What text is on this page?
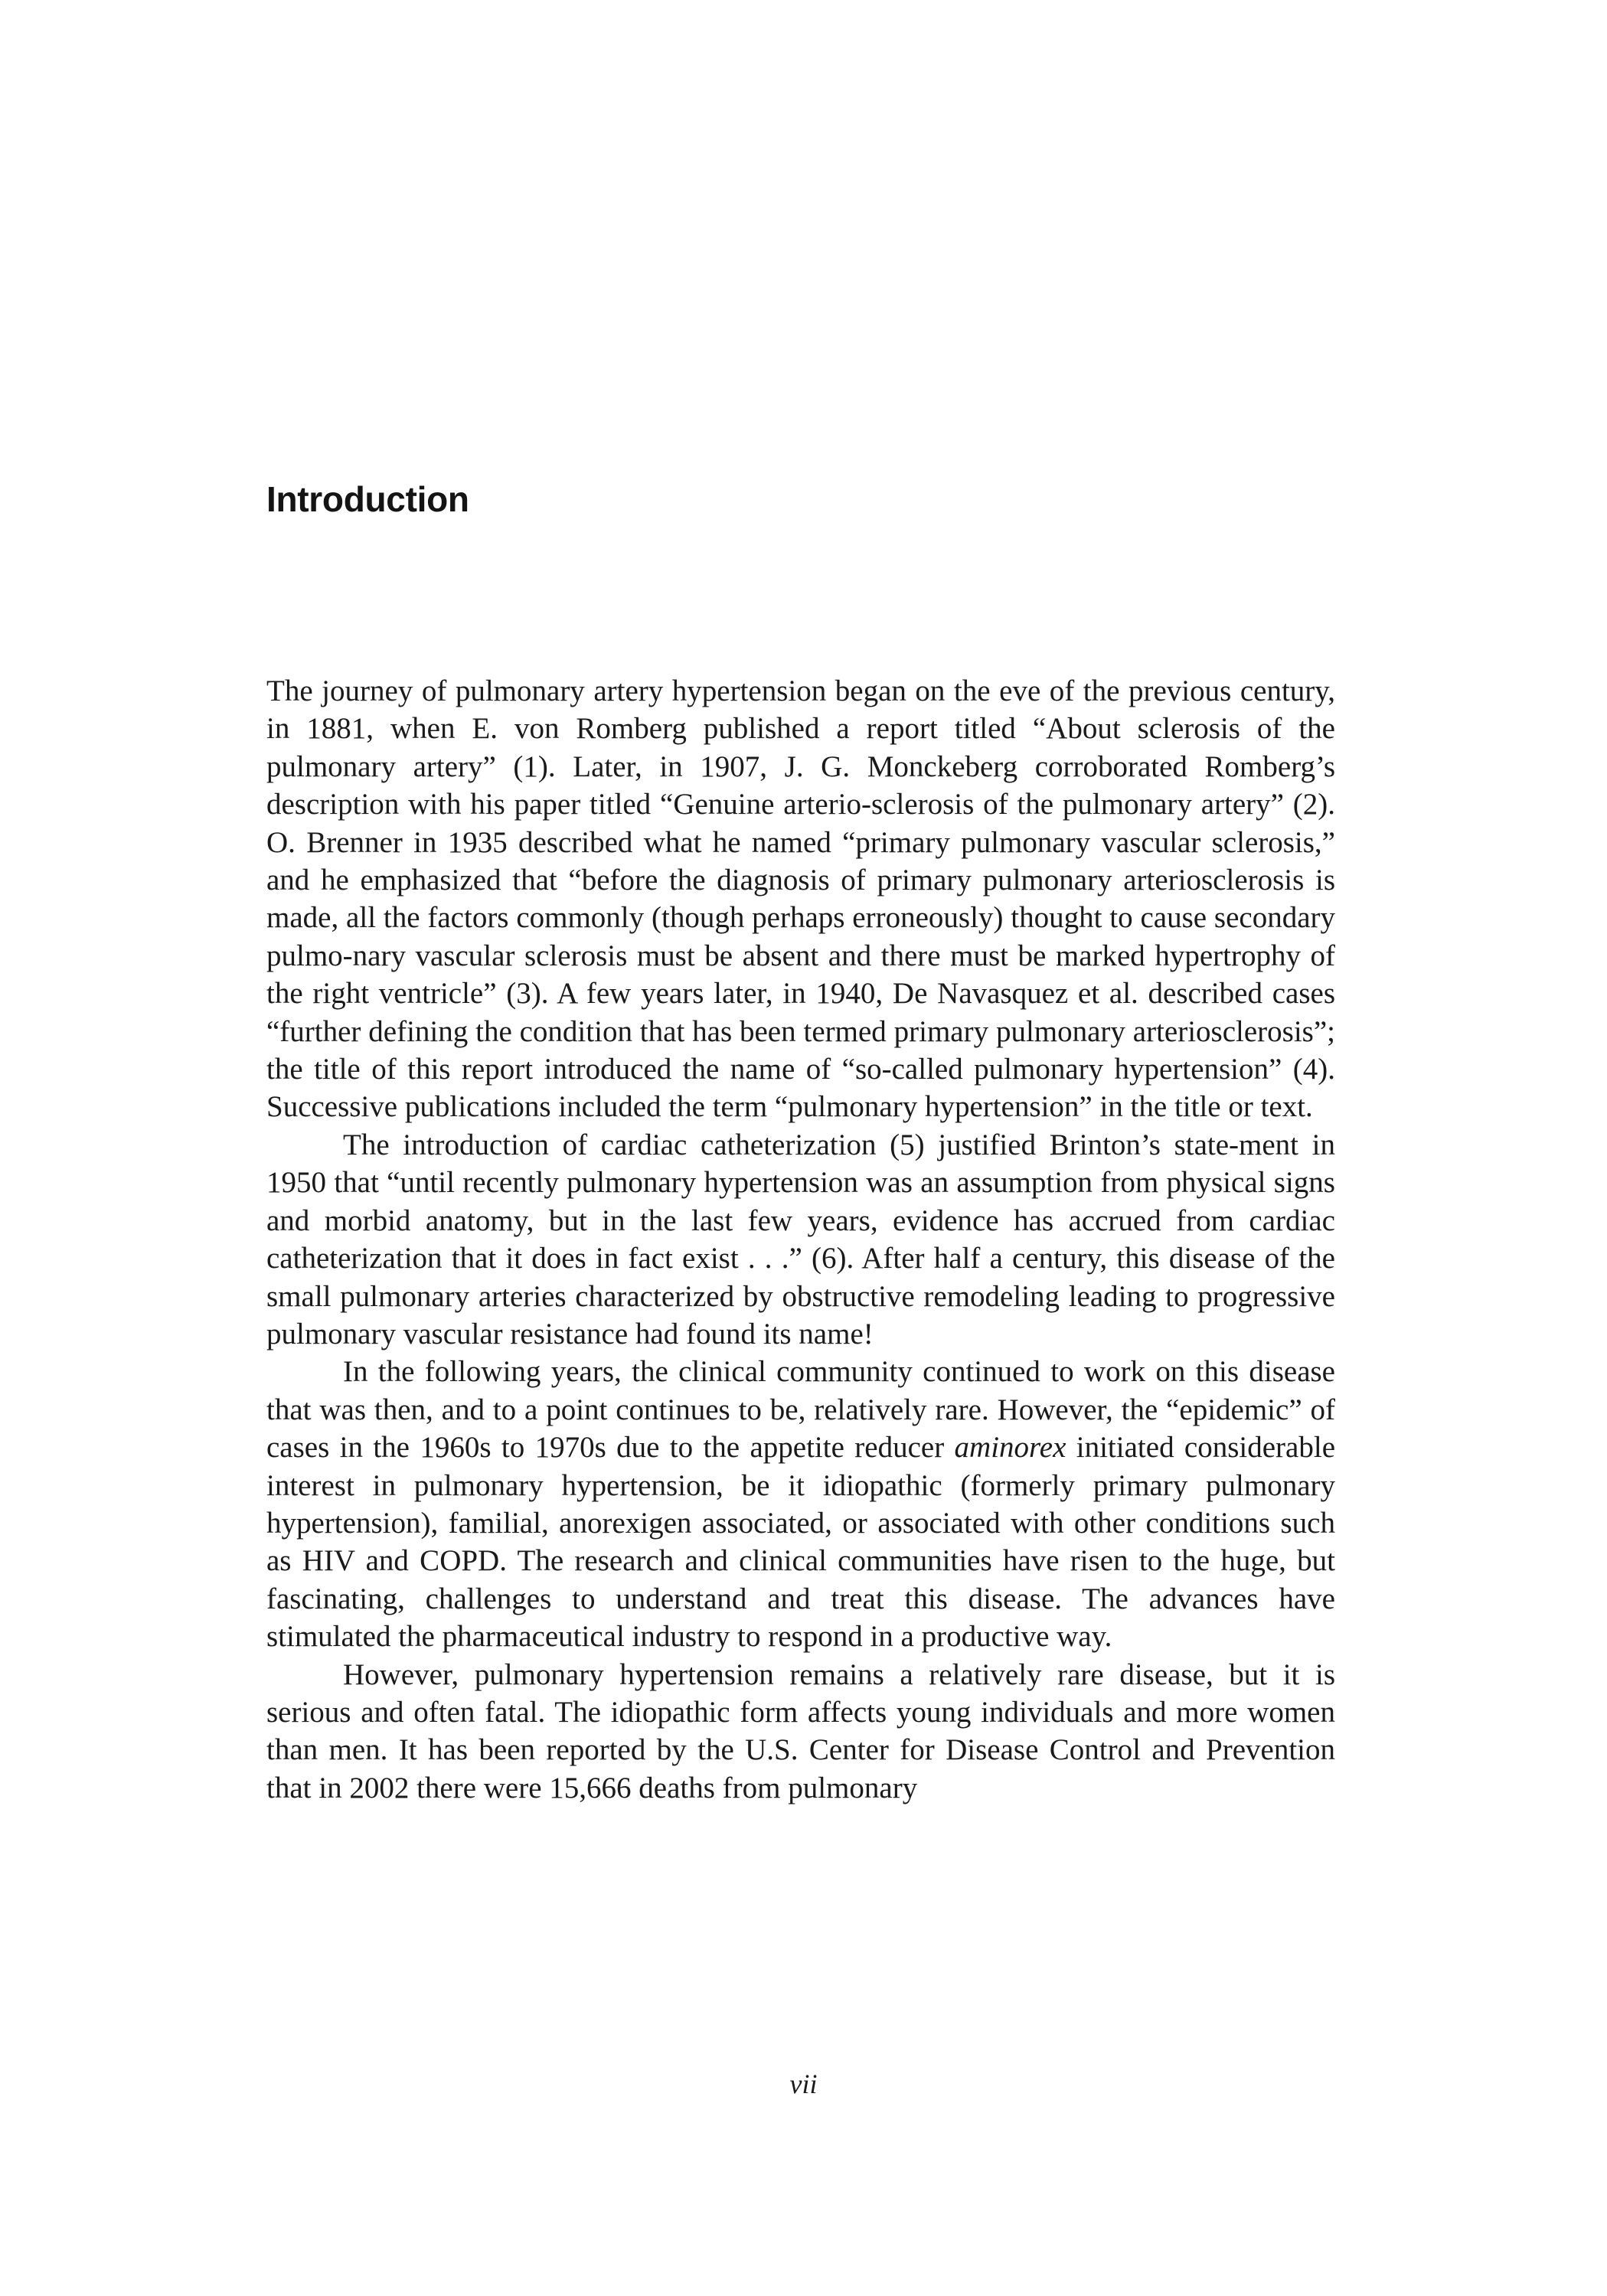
Introduction

The journey of pulmonary artery hypertension began on the eve of the previous century, in 1881, when E. von Romberg published a report titled “About sclerosis of the pulmonary artery” (1). Later, in 1907, J. G. Monckeberg corroborated Romberg’s description with his paper titled “Genuine arterio-sclerosis of the pulmonary artery” (2). O. Brenner in 1935 described what he named “primary pulmonary vascular sclerosis,” and he emphasized that “before the diagnosis of primary pulmonary arteriosclerosis is made, all the factors commonly (though perhaps erroneously) thought to cause secondary pulmo-nary vascular sclerosis must be absent and there must be marked hypertrophy of the right ventricle” (3). A few years later, in 1940, De Navasquez et al. described cases “further defining the condition that has been termed primary pulmonary arteriosclerosis”; the title of this report introduced the name of “so-called pulmonary hypertension” (4). Successive publications included the term “pulmonary hypertension” in the title or text.

The introduction of cardiac catheterization (5) justified Brinton’s state-ment in 1950 that “until recently pulmonary hypertension was an assumption from physical signs and morbid anatomy, but in the last few years, evidence has accrued from cardiac catheterization that it does in fact exist . . .” (6). After half a century, this disease of the small pulmonary arteries characterized by obstructive remodeling leading to progressive pulmonary vascular resistance had found its name!

In the following years, the clinical community continued to work on this disease that was then, and to a point continues to be, relatively rare. However, the “epidemic” of cases in the 1960s to 1970s due to the appetite reducer aminorex initiated considerable interest in pulmonary hypertension, be it idiopathic (formerly primary pulmonary hypertension), familial, anorexigen associated, or associated with other conditions such as HIV and COPD. The research and clinical communities have risen to the huge, but fascinating, challenges to understand and treat this disease. The advances have stimulated the pharmaceutical industry to respond in a productive way.

However, pulmonary hypertension remains a relatively rare disease, but it is serious and often fatal. The idiopathic form affects young individuals and more women than men. It has been reported by the U.S. Center for Disease Control and Prevention that in 2002 there were 15,666 deaths from pulmonary

vii
